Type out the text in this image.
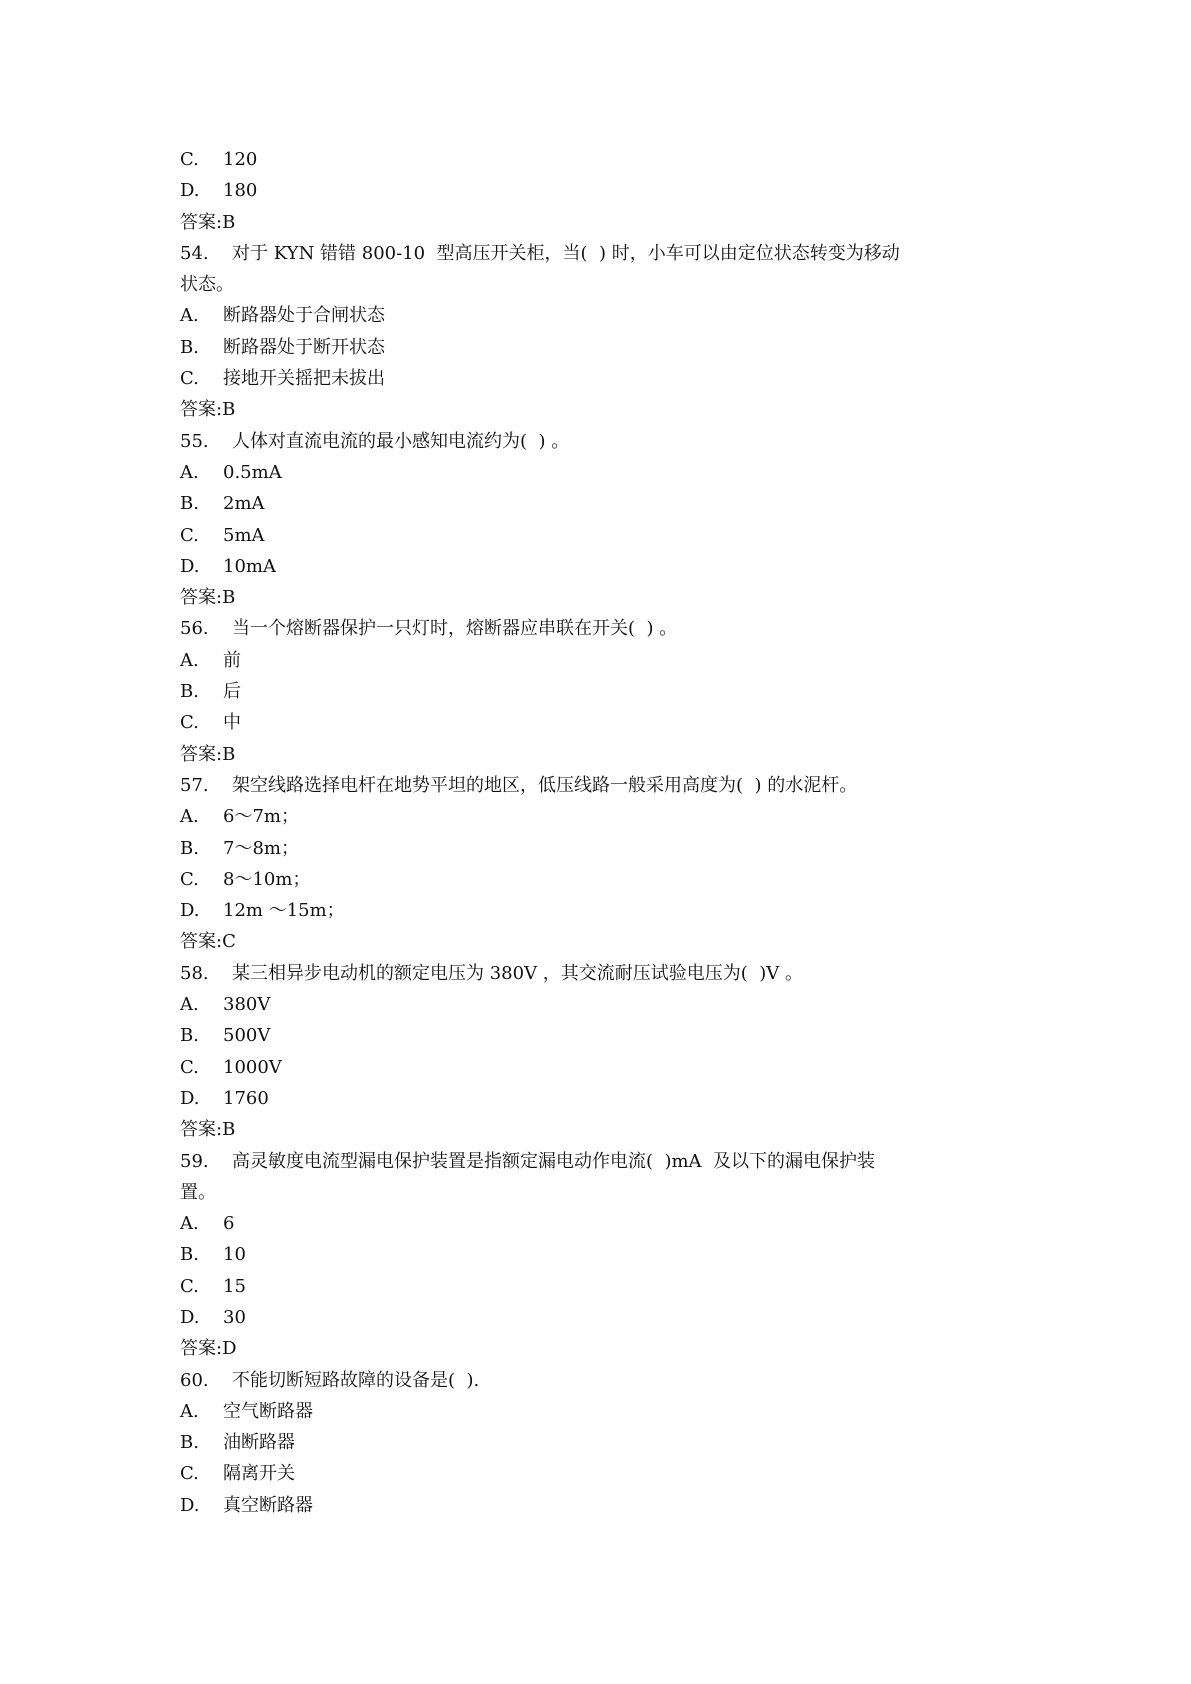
C. 120
D. 180
答案:B
54. 对于 KYN 错错 800-10  型高压开关柜，当(  ) 时，小车可以由定位状态转变为移动
状态。
A. 断路器处于合闸状态
B. 断路器处于断开状态
C. 接地开关摇把未拔出
答案:B
55. 人体对直流电流的最小感知电流约为(  ) 。
A. 0.5mA
B. 2mA
C. 5mA
D. 10mA
答案:B
56. 当一个熔断器保护一只灯时，熔断器应串联在开关(  ) 。
A. 前
B. 后
C. 中
答案:B
57. 架空线路选择电杆在地势平坦的地区，低压线路一般采用高度为(  ) 的水泥杆。
A. 6～7m；
B. 7～8m；
C. 8～10m；
D. 12m ～15m；
答案:C
58. 某三相异步电动机的额定电压为 380V ，其交流耐压试验电压为(  )V 。
A. 380V
B. 500V
C. 1000V
D. 1760
答案:B
59. 高灵敏度电流型漏电保护装置是指额定漏电动作电流(  )mA  及以下的漏电保护装
置。
A. 6
B. 10
C. 15
D. 30
答案:D
60. 不能切断短路故障的设备是(  ).
A. 空气断路器
B. 油断路器
C. 隔离开关
D. 真空断路器
